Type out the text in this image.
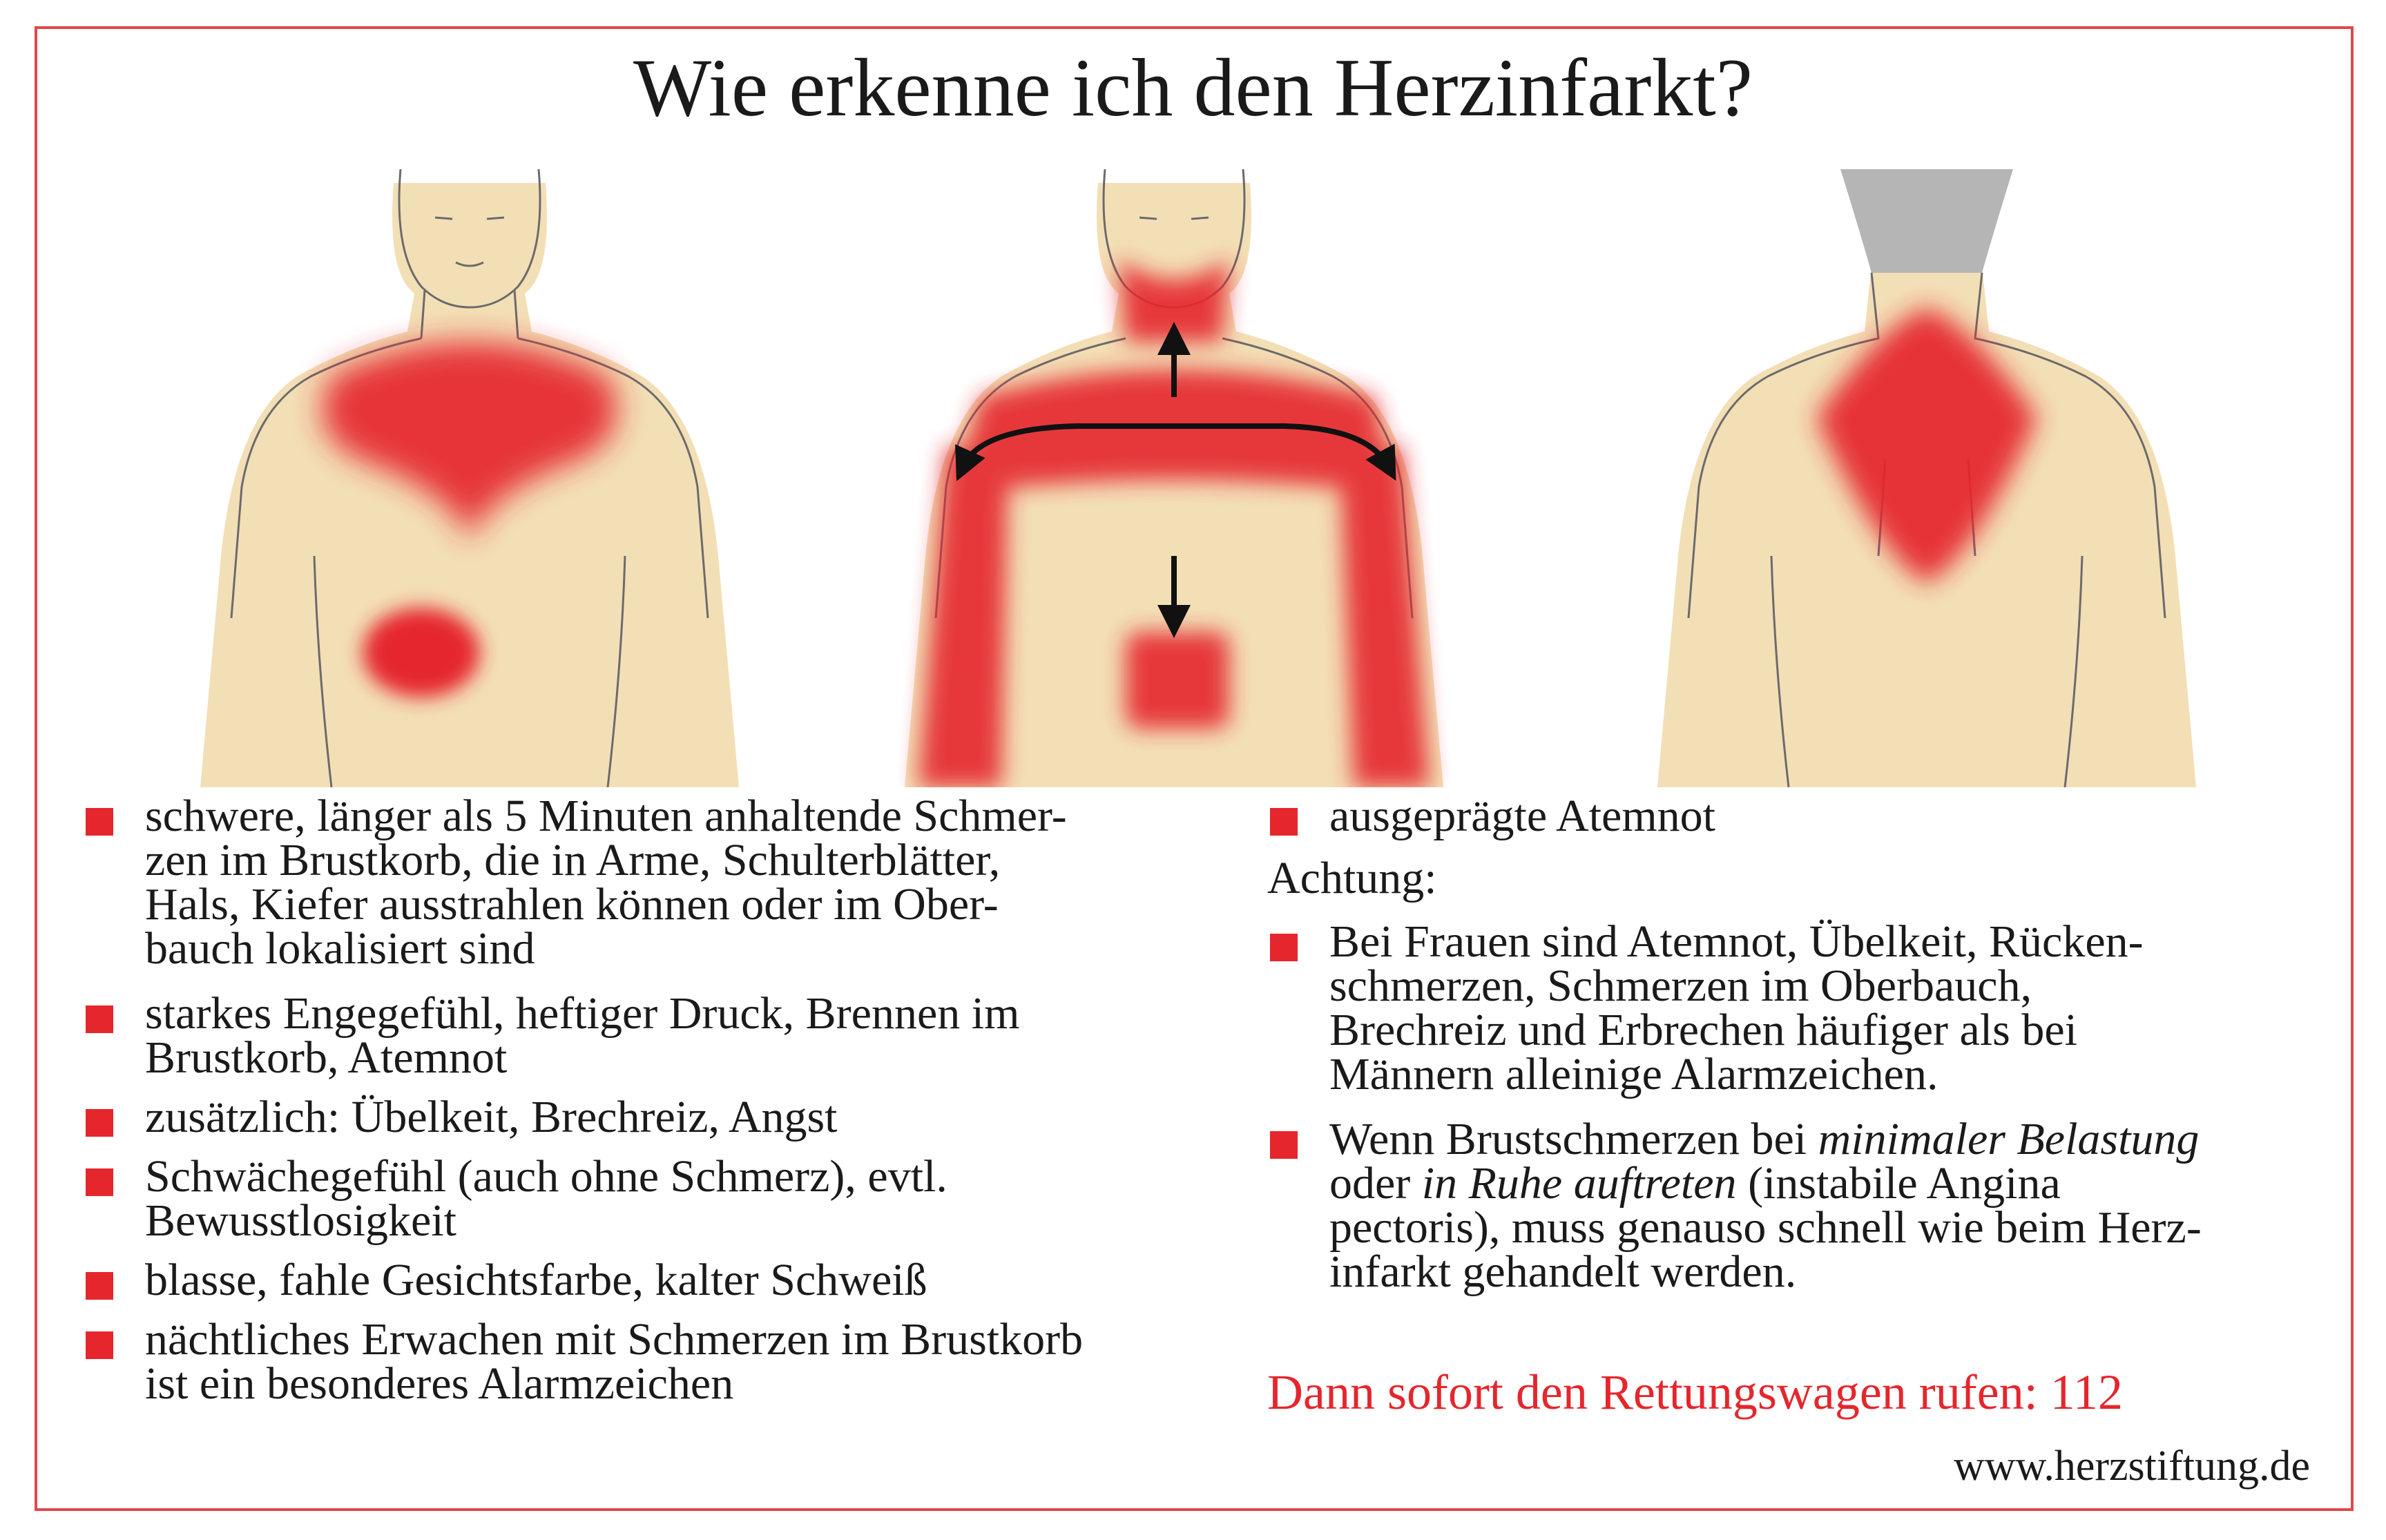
Wie erkenne ich den Herzinfarkt?

schwere, länger als 5 Minuten anhaltende Schmer-
zen im Brustkorb, die in Arme, Schulterblätter,
Hals, Kiefer ausstrahlen können oder im Ober-
bauch lokalisiert sind

starkes Engegefühl, heftiger Druck, Brennen im
Brustkorb, Atemnot

zusätzlich: Übelkeit, Brechreiz, Angst

Schwächegefühl (auch ohne Schmerz), evtl.
Bewusstlosigkeit

blasse, fahle Gesichtsfarbe, kalter Schweiß

nächtliches Erwachen mit Schmerzen im Brustkorb
ist ein besonderes Alarmzeichen

ausgeprägte Atemnot

Achtung:

Bei Frauen sind Atemnot, Übelkeit, Rücken-
schmerzen, Schmerzen im Oberbauch,
Brechreiz und Erbrechen häufiger als bei
Männern alleinige Alarmzeichen.

Wenn Brustschmerzen bei minimaler Belastung
oder in Ruhe auftreten (instabile Angina
pectoris), muss genauso schnell wie beim Herz-
infarkt gehandelt werden.

Dann sofort den Rettungswagen rufen: 112
www.herzstiftung.de
